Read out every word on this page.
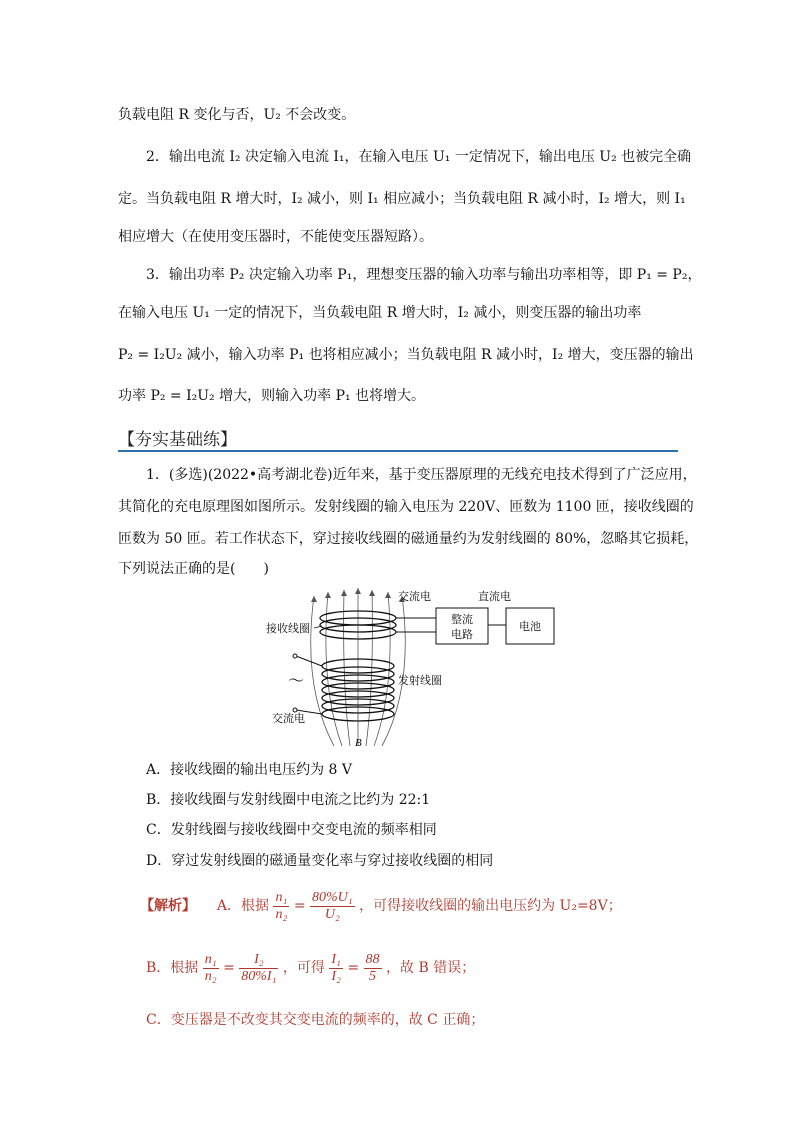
负载电阻 R 变化与否，U₂ 不会改变。
2．输出电流 I₂ 决定输入电流 I₁，在输入电压 U₁ 一定情况下，输出电压 U₂ 也被完全确
定。当负载电阻 R 增大时，I₂ 减小，则 I₁ 相应减小；当负载电阻 R 减小时，I₂ 增大，则 I₁
相应增大（在使用变压器时，不能使变压器短路）。
3．输出功率 P₂ 决定输入功率 P₁，理想变压器的输入功率与输出功率相等，即 P₁ = P₂，
在输入电压 U₁ 一定的情况下，当负载电阻 R 增大时，I₂ 减小，则变压器的输出功率
P₂ = I₂U₂ 减小，输入功率 P₁ 也将相应减小；当负载电阻 R 减小时，I₂ 增大，变压器的输出
功率 P₂ = I₂U₂ 增大，则输入功率 P₁ 也将增大。
【夯实基础练】
1．(多选)(2022•高考湖北卷)近年来，基于变压器原理的无线充电技术得到了广泛应用，
其简化的充电原理图如图所示。发射线圈的输入电压为 220V、匝数为 1100 匝，接收线圈的
匝数为 50 匝。若工作状态下，穿过接收线圈的磁通量约为发射线圈的 80%，忽略其它损耗，
下列说法正确的是(　　)
整流
电路
电池
交流电	直流电
接收线圈
～	发射线圈
交流电
B
A．接收线圈的输出电压约为 8 V
B．接收线圈与发射线圈中电流之比约为 22:1
C．发射线圈与接收线圈中交变电流的频率相同
D．穿过发射线圈的磁通量变化率与穿过接收线圈的相同
【解析】 A．根据 $\frac{\text{n₁}}{\text{n₂}} = \frac{\text{80\%U₁}}{\text{U₂}}$ ，可得接收线圈的输出电压约为 U₂=8V；
B．根据 $\frac{\text{n₁}}{\text{n₂}} = \frac{\text{I₂}}{\text{80\%I₁}}$ ，可得 $\frac{\text{I₁}}{\text{I₂}} = \frac{88}{5}$ ，故 B 错误；
C．变压器是不改变其交变电流的频率的，故 C 正确；
